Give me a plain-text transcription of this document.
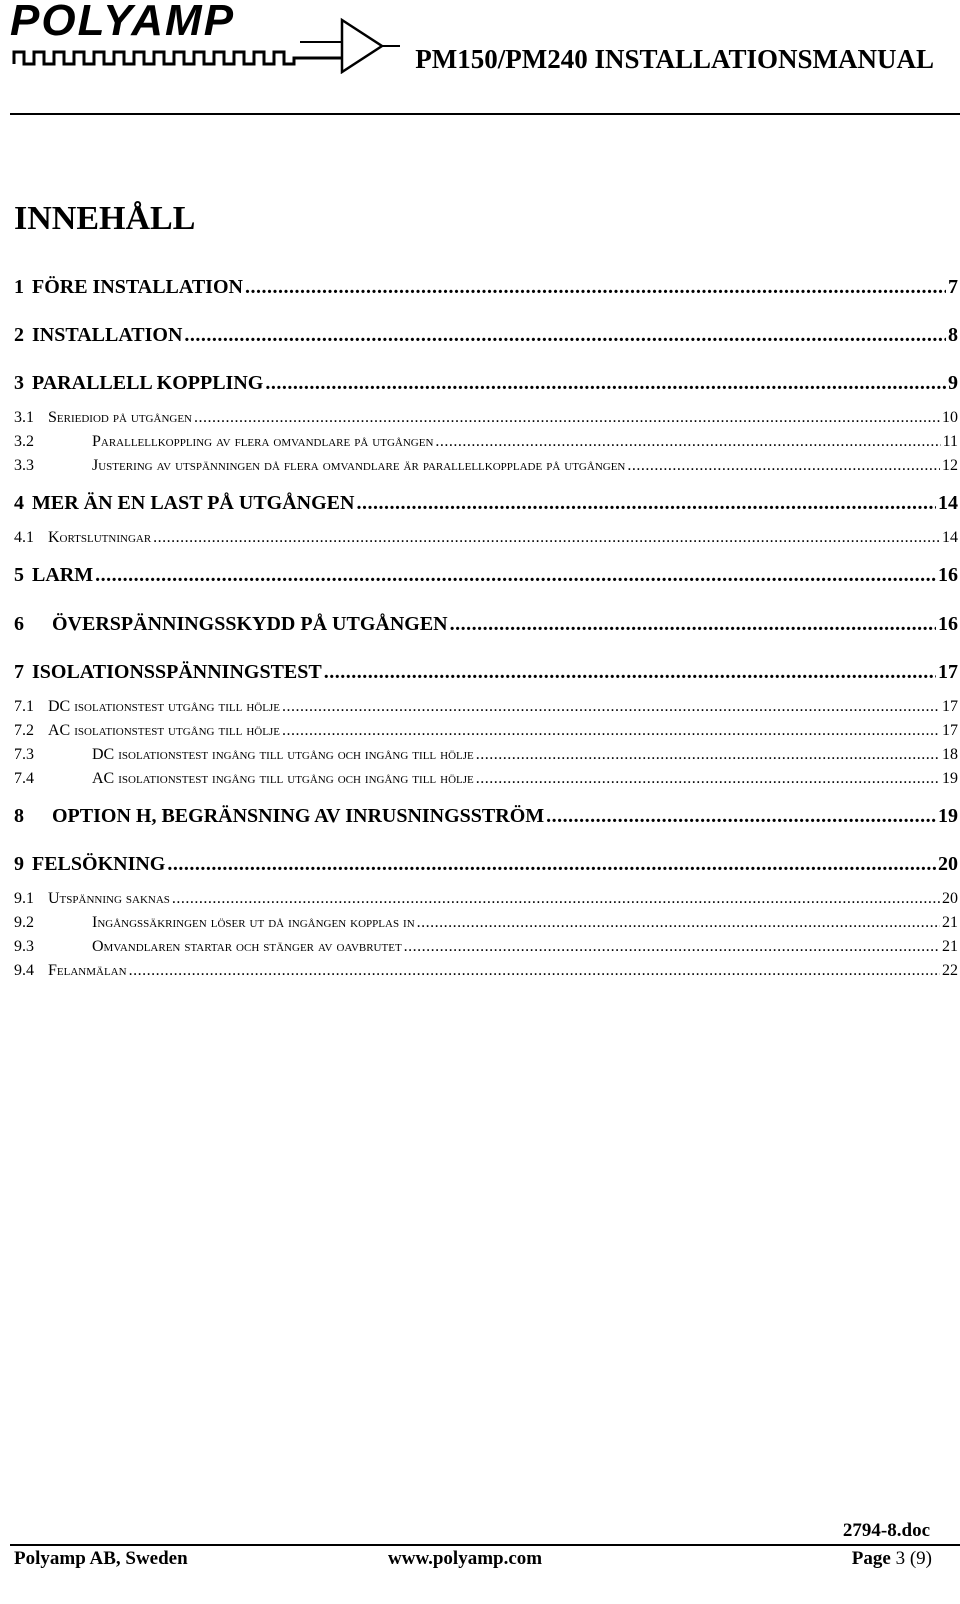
POLYAMP
PM150/PM240 INSTALLATIONSMANUAL
INNEHÅLL
1 FÖRE INSTALLATION .....	7
2 INSTALLATION .....	8
3 PARALLELL KOPPLING .....	9
3.1 Seriediod på utgången .....	10
3.2	Parallellkoppling av flera omvandlare på utgången .....	11
3.3	Justering av utspänningen då flera omvandlare är parallellkopplade på utgången .....	12
4 MER ÄN EN LAST PÅ UTGÅNGEN .....	14
4.1 Kortslutningar .....	14
5 LARM .....	16
6	ÖVERSPÄNNINGSSKYDD PÅ UTGÅNGEN .....	16
7 ISOLATIONSSPÄNNINGSTEST .....	17
7.1 DC isolationstest utgång till hölje .....	17
7.2 AC isolationstest utgång till hölje .....	17
7.3	DC isolationstest ingång till utgång och ingång till hölje .....	18
7.4	AC isolationstest ingång till utgång och ingång till hölje .....	19
8	OPTION H, BEGRÄNSNING AV INRUSNINGSSTRÖM .....	19
9 FELSÖKNING .....	20
9.1 Utspänning saknas .....	20
9.2	Ingångssäkringen löser ut då ingången kopplas in .....	21
9.3	Omvandlaren startar och stänger av oavbrutet .....	21
9.4 Felanmälan .....	22
2794-8.doc
Polyamp AB, Sweden	www.polyamp.com	Page 3 (9)
